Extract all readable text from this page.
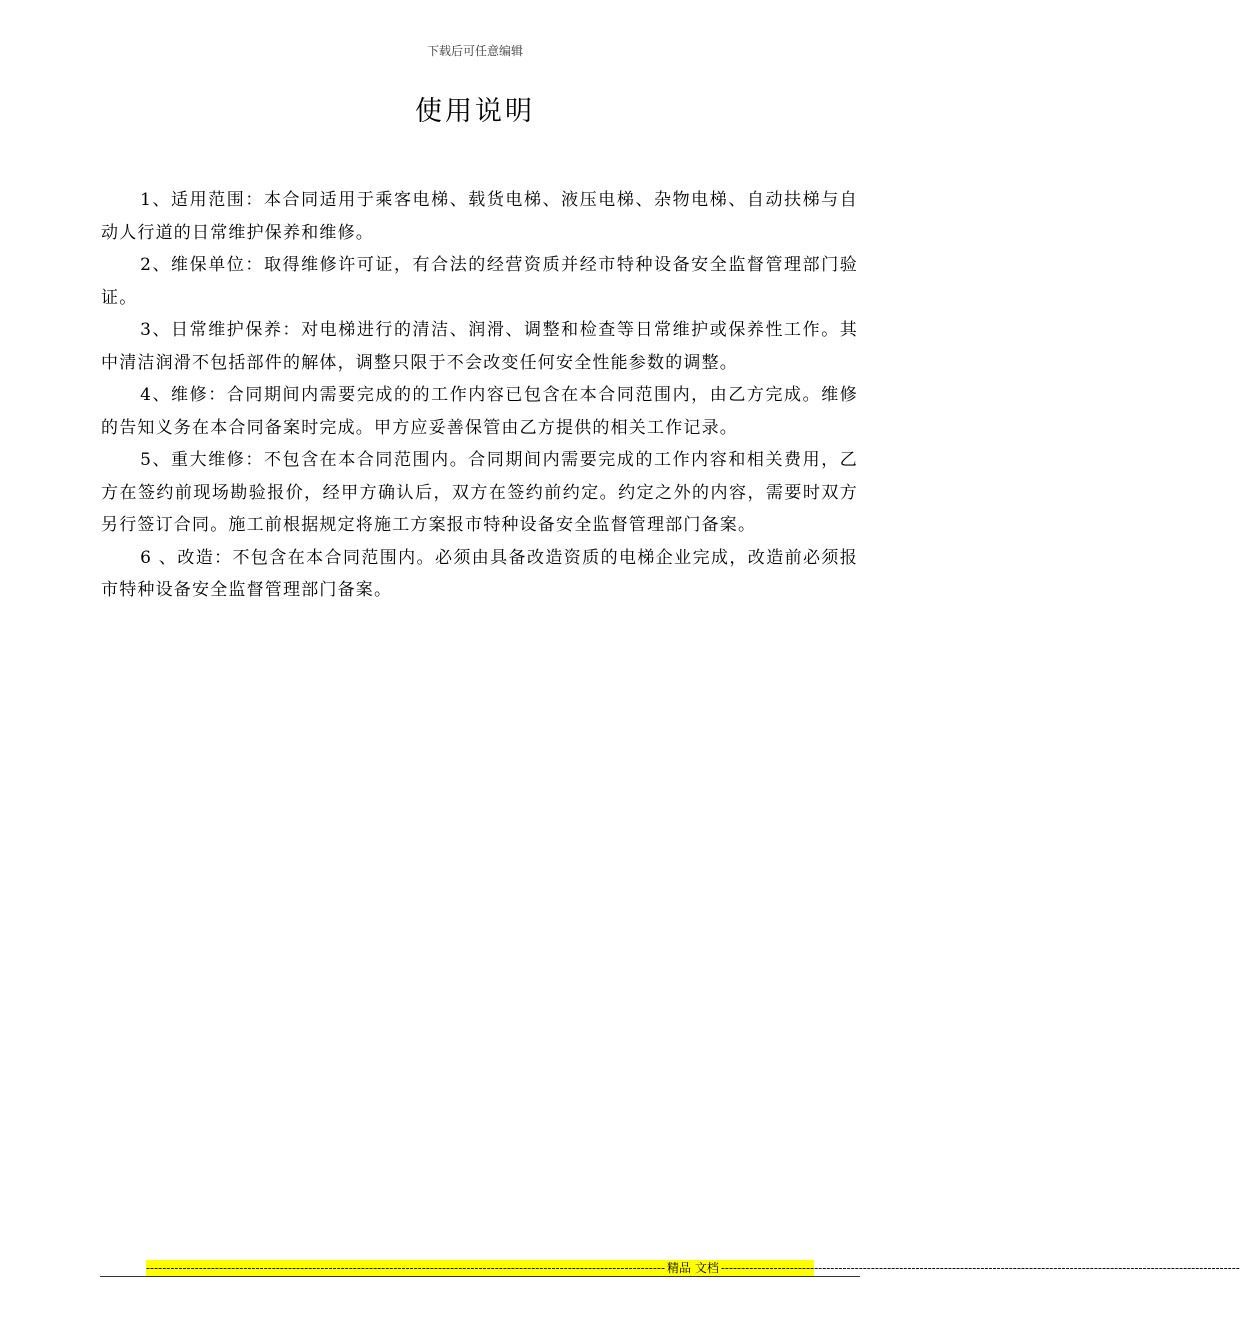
下载后可任意编辑
使用说明

1、适用范围：本合同适用于乘客电梯、载货电梯、液压电梯、杂物电梯、自动扶梯与自动人行道的日常维护保养和维修。

2、维保单位：取得维修许可证，有合法的经营资质并经市特种设备安全监督管理部门验证。

3、日常维护保养：对电梯进行的清洁、润滑、调整和检查等日常维护或保养性工作。其中清洁润滑不包括部件的解体，调整只限于不会改变任何安全性能参数的调整。

4、维修：合同期间内需要完成的的工作内容已包含在本合同范围内，由乙方完成。维修的告知义务在本合同备案时完成。甲方应妥善保管由乙方提供的相关工作记录。

5、重大维修：不包含在本合同范围内。合同期间内需要完成的工作内容和相关费用，乙方在签约前现场勘验报价，经甲方确认后，双方在签约前约定。约定之外的内容，需要时双方另行签订合同。施工前根据规定将施工方案报市特种设备安全监督管理部门备案。

6 、改造：不包含在本合同范围内。必须由具备改造资质的电梯企业完成，改造前必须报市特种设备安全监督管理部门备案。

-------------------------------------------------------------------------------------------------------------------------------- 精品 文档 --------------------------------------------------------------------------------------------------------------------------------
